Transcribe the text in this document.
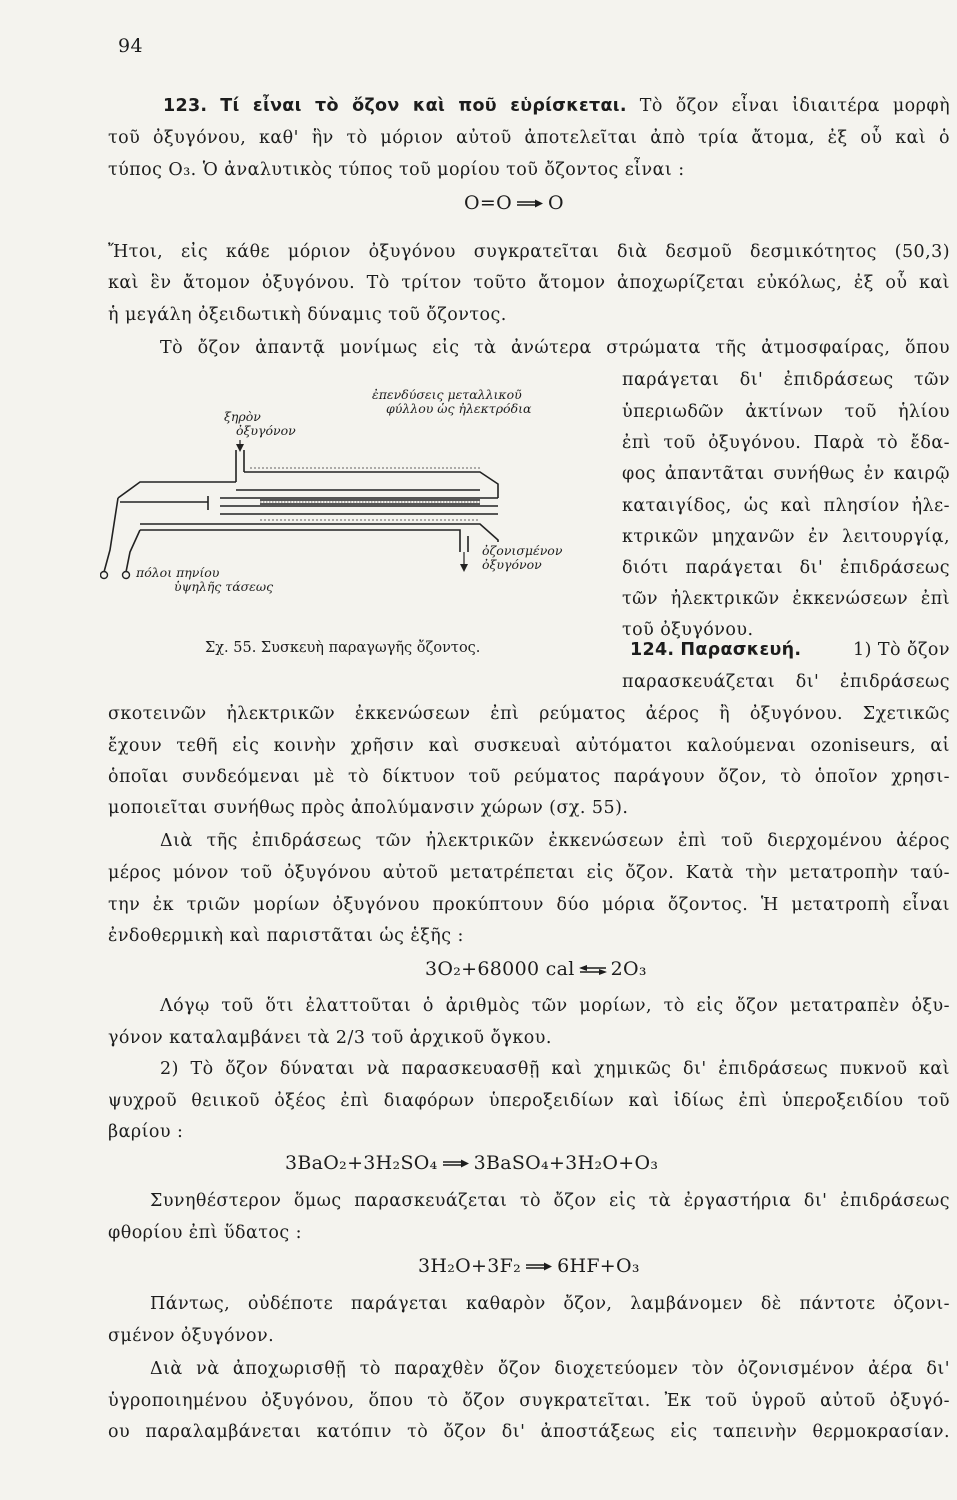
94
123. Τί εἶναι τὸ ὄζον καὶ ποῦ εὑρίσκεται. Τὸ ὄζον εἶναι ἰδιαιτέρα μορφὴ
τοῦ ὀξυγόνου, καθ' ἣν τὸ μόριον αὐτοῦ ἀποτελεῖται ἀπὸ τρία ἄτομα, ἐξ οὗ καὶ ὁ
τύπος O₃. Ὁ ἀναλυτικὸς τύπος τοῦ μορίου τοῦ ὄζοντος εἶναι :
O=O O
Ἤτοι, εἰς κάθε μόριον ὀξυγόνου συγκρατεῖται διὰ δεσμοῦ δεσμικότητος (50,3)
καὶ ἓν ἄτομον ὀξυγόνου. Τὸ τρίτον τοῦτο ἄτομον ἀποχωρίζεται εὐκόλως, ἐξ οὗ καὶ
ἡ μεγάλη ὀξειδωτικὴ δύναμις τοῦ ὄζοντος.
Τὸ ὄζον ἀπαντᾷ μονίμως εἰς τὰ ἀνώτερα στρώματα τῆς ἀτμοσφαίρας, ὅπου
παράγεται δι' ἐπιδράσεως τῶν
ὑπεριωδῶν ἀκτίνων τοῦ ἡλίου
ἐπὶ τοῦ ὀξυγόνου. Παρὰ τὸ ἔδα-
φος ἀπαντᾶται συνήθως ἐν καιρῷ
καταιγίδος, ὡς καὶ πλησίον ἠλε-
κτρικῶν μηχανῶν ἐν λειτουργίᾳ,
διότι παράγεται δι' ἐπιδράσεως
τῶν ἠλεκτρικῶν ἐκκενώσεων ἐπὶ
τοῦ ὀξυγόνου.
ξηρὸν
ὀξυγόνον
ἐπενδύσεις μεταλλικοῦ
φύλλου ὡς ἠλεκτρόδια
ὀζονισμένον
ὀξυγόνον
πόλοι πηνίου
ὑψηλῆς τάσεως
Σχ. 55. Συσκευὴ παραγωγῆς ὄζοντος.	124. Παρασκευή.	1) Τὸ ὄζον
παρασκευάζεται δι' ἐπιδράσεως
σκοτεινῶν ἠλεκτρικῶν ἐκκενώσεων ἐπὶ ρεύματος ἀέρος ἢ ὀξυγόνου. Σχετικῶς
ἔχουν τεθῆ εἰς κοινὴν χρῆσιν καὶ συσκευαὶ αὐτόματοι καλούμεναι ozoniseurs, αἱ
ὁποῖαι συνδεόμεναι μὲ τὸ δίκτυον τοῦ ρεύματος παράγουν ὄζον, τὸ ὁποῖον χρησι-
μοποιεῖται συνήθως πρὸς ἀπολύμανσιν χώρων (σχ. 55).
Διὰ τῆς ἐπιδράσεως τῶν ἠλεκτρικῶν ἐκκενώσεων ἐπὶ τοῦ διερχομένου ἀέρος
μέρος μόνον τοῦ ὀξυγόνου αὐτοῦ μετατρέπεται εἰς ὄζον. Κατὰ τὴν μετατροπὴν ταύ-
την ἐκ τριῶν μορίων ὀξυγόνου προκύπτουν δύο μόρια ὄζοντος. Ἡ μετατροπὴ εἶναι
ἐνδοθερμικὴ καὶ παριστᾶται ὡς ἑξῆς :
3O₂+68000 cal ⇌ 2O₃
Λόγῳ τοῦ ὅτι ἐλαττοῦται ὁ ἀριθμὸς τῶν μορίων, τὸ εἰς ὄζον μετατραπὲν ὀξυ-
γόνον καταλαμβάνει τὰ 2/3 τοῦ ἀρχικοῦ ὄγκου.
2) Τὸ ὄζον δύναται νὰ παρασκευασθῇ καὶ χημικῶς δι' ἐπιδράσεως πυκνοῦ καὶ
ψυχροῦ θειικοῦ ὀξέος ἐπὶ διαφόρων ὑπεροξειδίων καὶ ἰδίως ἐπὶ ὑπεροξειδίου τοῦ
βαρίου :
3BaO₂+3H₂SO₄ 3BaSO₄+3H₂O+O₃
Συνηθέστερον ὅμως παρασκευάζεται τὸ ὄζον εἰς τὰ ἐργαστήρια δι' ἐπιδράσεως
φθορίου ἐπὶ ὕδατος :
3H₂O+3F₂ 6HF+O₃
Πάντως, οὐδέποτε παράγεται καθαρὸν ὄζον, λαμβάνομεν δὲ πάντοτε ὀζονι-
σμένον ὀξυγόνον.
Διὰ νὰ ἀποχωρισθῇ τὸ παραχθὲν ὄζον διοχετεύομεν τὸν ὀζονισμένον ἀέρα δι'
ὑγροποιημένου ὀξυγόνου, ὅπου τὸ ὄζον συγκρατεῖται. Ἐκ τοῦ ὑγροῦ αὐτοῦ ὀξυγό-
ου παραλαμβάνεται κατόπιν τὸ ὄζον δι' ἀποστάξεως εἰς ταπεινὴν θερμοκρασίαν.
